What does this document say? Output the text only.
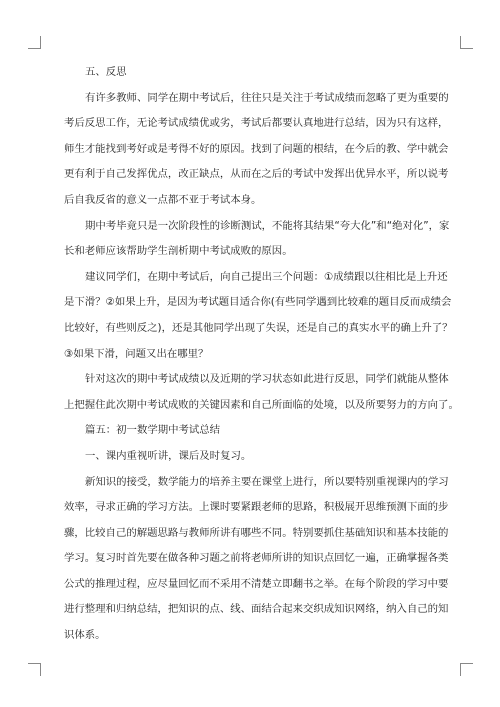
五、反思
有许多教师、同学在期中考试后，往往只是关注于考试成绩而忽略了更为重要的
考后反思工作，无论考试成绩优或劣，考试后都要认真地进行总结，因为只有这样，
师生才能找到考好或是考得不好的原因。找到了问题的根结，在今后的教、学中就会
更有利于自己发挥优点，改正缺点，从而在之后的考试中发挥出优异水平，所以说考
后自我反省的意义一点都不亚于考试本身。
期中考毕竟只是一次阶段性的诊断测试，不能将其结果“夸大化”和“绝对化”，家
长和老师应该帮助学生剖析期中考试成败的原因。
建议同学们，在期中考试后，向自己提出三个问题：①成绩跟以往相比是上升还
是下滑？②如果上升，是因为考试题目适合你(有些同学遇到比较难的题目反而成绩会
比较好，有些则反之)，还是其他同学出现了失误，还是自己的真实水平的确上升了？
③如果下滑，问题又出在哪里？
针对这次的期中考试成绩以及近期的学习状态如此进行反思，同学们就能从整体
上把握住此次期中考试成败的关键因素和自己所面临的处境，以及所要努力的方向了。
篇五：初一数学期中考试总结
一、课内重视听讲，课后及时复习。
新知识的接受，数学能力的培养主要在课堂上进行，所以要特别重视课内的学习
效率，寻求正确的学习方法。上课时要紧跟老师的思路，积极展开思维预测下面的步
骤，比较自己的解题思路与教师所讲有哪些不同。特别要抓住基础知识和基本技能的
学习。复习时首先要在做各种习题之前将老师所讲的知识点回忆一遍，正确掌握各类
公式的推理过程，应尽量回忆而不采用不清楚立即翻书之举。在每个阶段的学习中要
进行整理和归纳总结，把知识的点、线、面结合起来交织成知识网络，纳入自己的知
识体系。
